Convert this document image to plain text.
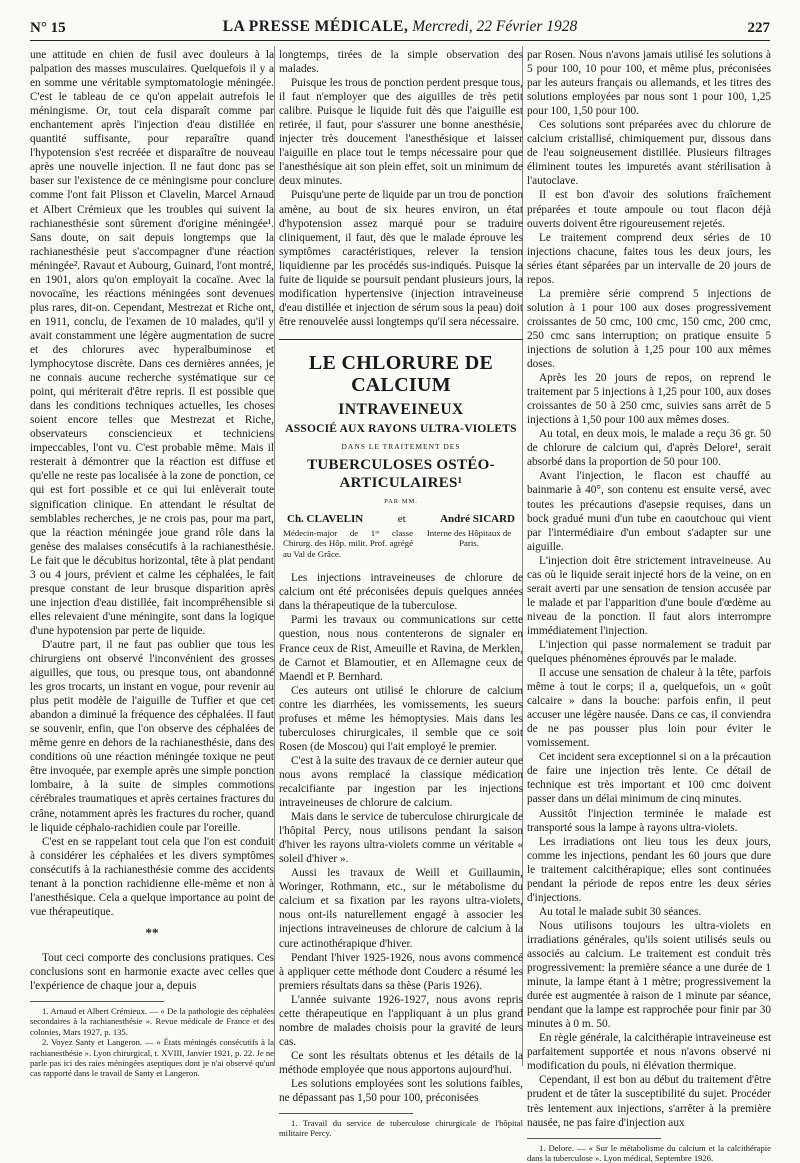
N° 15	LA PRESSE MÉDICALE, Mercredi, 22 Février 1928	227

une attitude en chien de fusil avec douleurs à la palpation des masses musculaires. Quelquefois il y a en somme une véritable symptomatologie méningée. C'est le tableau de ce qu'on appelait autrefois le méningisme. Or, tout cela disparaît comme par enchantement après l'injection d'eau distillée en quantité suffisante, pour reparaître quand l'hypotension s'est recréée et disparaître de nouveau après une nouvelle injection. Il ne faut donc pas se baser sur l'existence de ce méningisme pour conclure comme l'ont fait Plisson et Clavelin, Marcel Arnaud et Albert Crémieux que les troubles qui suivent la rachianesthésie sont sûrement d'origine méningée¹. Sans doute, on sait depuis longtemps que la rachianesthésie peut s'accompagner d'une réaction méningée². Ravaut et Aubourg, Guinard, l'ont montré, en 1901, alors qu'on employait la cocaïne. Avec la novocaïne, les réactions méningées sont devenues plus rares, dit-on. Cependant, Mestrezat et Riche ont, en 1911, conclu, de l'examen de 10 malades, qu'il y avait constamment une légère augmentation de sucre et des chlorures avec hyperalbuminose et lymphocytose discrète. Dans ces dernières années, je ne connais aucune recherche systématique sur ce point, qui mériterait d'être repris. Il est possible que dans les conditions techniques actuelles, les choses soient encore telles que Mestrezat et Riche, observateurs consciencieux et techniciens impeccables, l'ont vu. C'est probable même. Mais il resterait à démontrer que la réaction est diffuse et qu'elle ne reste pas localisée à la zone de ponction, ce qui est fort possible et ce qui lui enlèverait toute signification clinique. En attendant le résultat de semblables recherches, je ne crois pas, pour ma part, que la réaction méningée joue grand rôle dans la genèse des malaises consécutifs à la rachianesthésie. Le fait que le décubitus horizontal, tête à plat pendant 3 ou 4 jours, prévient et calme les céphalées, le fait presque constant de leur brusque disparition après une injection d'eau distillée, fait incompréhensible si elles relevaient d'une méningite, sont dans la logique d'une hypotension par perte de liquide.

D'autre part, il ne faut pas oublier que tous les chirurgiens ont observé l'inconvénient des grosses aiguilles, que tous, ou presque tous, ont abandonné les gros trocarts, un instant en vogue, pour revenir au plus petit modèle de l'aiguille de Tuffier et que cet abandon a diminué la fréquence des céphalées. Il faut se souvenir, enfin, que l'on observe des céphalées de même genre en dehors de la rachianesthésie, dans des conditions où une réaction méningée toxique ne peut être invoquée, par exemple après une simple ponction lombaire, à la suite de simples commotions cérébrales traumatiques et après certaines fractures du crâne, notamment après les fractures du rocher, quand le liquide céphalo-rachidien coule par l'oreille.

C'est en se rappelant tout cela que l'on est conduit à considérer les céphalées et les divers symptômes consécutifs à la rachianesthésie comme des accidents tenant à la ponction rachidienne elle-même et non à l'anesthésique. Cela a quelque importance au point de vue thérapeutique.

**

Tout ceci comporte des conclusions pratiques. Ces conclusions sont en harmonie exacte avec celles que l'expérience de chaque jour a, depuis

1. Arnaud et Albert Crémieux. — « De la pathologie des céphalées secondaires à la rachianesthésie ». Revue médicale de France et des colonies, Mars 1927, p. 135.

2. Voyez Santy et Langeron. — « États méningés consécutifs à la rachianesthésie ». Lyon chirurgical, t. XVIII, Janvier 1921, p. 22. Je ne parle pas ici des raies méningées aseptiques dont je n'ai observé qu'un cas rapporté dans le travail de Santy et Langeron.

longtemps, tirées de la simple observation des malades.

Puisque les trous de ponction perdent presque tous, il faut n'employer que des aiguilles de très petit calibre. Puisque le liquide fuit dès que l'aiguille est retirée, il faut, pour s'assurer une bonne anesthésie, injecter très doucement l'anesthésique et laisser l'aiguille en place tout le temps nécessaire pour que l'anesthésique ait son plein effet, soit un minimum de deux minutes.

Puisqu'une perte de liquide par un trou de ponction amène, au bout de six heures environ, un état d'hypotension assez marqué pour se traduire cliniquement, il faut, dès que le malade éprouve les symptômes caractéristiques, relever la tension liquidienne par les procédés sus-indiqués. Puisque la fuite de liquide se poursuit pendant plusieurs jours, la modification hypertensive (injection intraveineuse d'eau distillée et injection de sérum sous la peau) doit être renouvelée aussi longtemps qu'il sera nécessaire.

LE CHLORURE DE CALCIUM
INTRAVEINEUX
ASSOCIÉ AUX RAYONS ULTRA-VIOLETS
DANS LE TRAITEMENT DES
TUBERCULOSES OSTÉO-ARTICULAIRES¹
PAR MM.
Ch. CLAVELIN	et	André SICARD
Médecin-major de 1ʳᵉ classe Chirurg. des Hôp. milit. Prof. agrégé au Val de Grâce.
Interne des Hôpitaux de Paris.

Les injections intraveineuses de chlorure de calcium ont été préconisées depuis quelques années dans la thérapeutique de la tuberculose.

Parmi les travaux ou communications sur cette question, nous nous contenterons de signaler en France ceux de Rist, Ameuille et Ravina, de Merklen, de Carnot et Blamoutier, et en Allemagne ceux de Maendl et P. Bernhard.

Ces auteurs ont utilisé le chlorure de calcium contre les diarrhées, les vomissements, les sueurs profuses et même les hémoptysies. Mais dans les tuberculoses chirurgicales, il semble que ce soit Rosen (de Moscou) qui l'ait employé le premier.

C'est à la suite des travaux de ce dernier auteur que nous avons remplacé la classique médication recalcifiante par ingestion par les injections intraveineuses de chlorure de calcium.

Mais dans le service de tuberculose chirurgicale de l'hôpital Percy, nous utilisons pendant la saison d'hiver les rayons ultra-violets comme un véritable « soleil d'hiver ».

Aussi les travaux de Weill et Guillaumin, Woringer, Rothmann, etc., sur le métabolisme du calcium et sa fixation par les rayons ultra-violets, nous ont-ils naturellement engagé à associer les injections intraveineuses de chlorure de calcium à la cure actinothérapique d'hiver.

Pendant l'hiver 1925-1926, nous avons commencé à appliquer cette méthode dont Couderc a résumé les premiers résultats dans sa thèse (Paris 1926).

L'année suivante 1926-1927, nous avons repris cette thérapeutique en l'appliquant à un plus grand nombre de malades choisis pour la gravité de leurs cas.

Ce sont les résultats obtenus et les détails de la méthode employée que nous apportons aujourd'hui.

Les solutions employées sont les solutions faibles, ne dépassant pas 1,50 pour 100, préconisées

1. Travail du service de tuberculose chirurgicale de l'hôpital militaire Percy.

par Rosen. Nous n'avons jamais utilisé les solutions à 5 pour 100, 10 pour 100, et même plus, préconisées par les auteurs français ou allemands, et les titres des solutions employées par nous sont 1 pour 100, 1,25 pour 100, 1,50 pour 100.

Ces solutions sont préparées avec du chlorure de calcium cristallisé, chimiquement pur, dissous dans de l'eau soigneusement distillée. Plusieurs filtrages éliminent toutes les impuretés avant stérilisation à l'autoclave.

Il est bon d'avoir des solutions fraîchement préparées et toute ampoule ou tout flacon déjà ouverts doivent être rigoureusement rejetés.

Le traitement comprend deux séries de 10 injections chacune, faites tous les deux jours, les séries étant séparées par un intervalle de 20 jours de repos.

La première série comprend 5 injections de solution à 1 pour 100 aux doses progressivement croissantes de 50 cmc, 100 cmc, 150 cmc, 200 cmc, 250 cmc sans interruption; on pratique ensuite 5 injections de solution à 1,25 pour 100 aux mêmes doses.

Après les 20 jours de repos, on reprend le traitement par 5 injections à 1,25 pour 100, aux doses croissantes de 50 à 250 cmc, suivies sans arrêt de 5 injections à 1,50 pour 100 aux mêmes doses.

Au total, en deux mois, le malade a reçu 36 gr. 50 de chlorure de calcium qui, d'après Delore¹, serait absorbé dans la proportion de 50 pour 100.

Avant l'injection, le flacon est chauffé au bainmarie à 40°, son contenu est ensuite versé, avec toutes les précautions d'asepsie requises, dans un bock gradué muni d'un tube en caoutchouc qui vient par l'intermédiaire d'un embout s'adapter sur une aiguille.

L'injection doit être strictement intraveineuse. Au cas où le liquide serait injecté hors de la veine, on en serait averti par une sensation de tension accusée par le malade et par l'apparition d'une boule d'œdème au niveau de la ponction. Il faut alors interrompre immédiatement l'injection.

L'injection qui passe normalement se traduit par quelques phénomènes éprouvés par le malade.

Il accuse une sensation de chaleur à la tête, parfois même à tout le corps; il a, quelquefois, un « goût calcaire » dans la bouche: parfois enfin, il peut accuser une légère nausée. Dans ce cas, il conviendra de ne pas pousser plus loin pour éviter le vomissement.

Cet incident sera exceptionnel si on a la précaution de faire une injection très lente. Ce détail de technique est très important et 100 cmc doivent passer dans un délai minimum de cinq minutes.

Aussitôt l'injection terminée le malade est transporté sous la lampe à rayons ultra-violets.

Les irradiations ont lieu tous les deux jours, comme les injections, pendant les 60 jours que dure le traitement calcithérapique; elles sont continuées pendant la période de repos entre les deux séries d'injections.

Au total le malade subit 30 séances.

Nous utilisons toujours les ultra-violets en irradiations générales, qu'ils soient utilisés seuls ou associés au calcium. Le traitement est conduit très progressivement: la première séance a une durée de 1 minute, la lampe étant à 1 mètre; progressivement la durée est augmentée à raison de 1 minute par séance, pendant que la lampe est rapprochée pour finir par 30 minutes à 0 m. 50.

En règle générale, la calcithérapie intraveineuse est parfaitement supportée et nous n'avons observé ni modification du pouls, ni élévation thermique.

Cependant, il est bon au début du traitement d'être prudent et de tâter la susceptibilité du sujet. Procéder très lentement aux injections, s'arrêter à la première nausée, ne pas faire d'injection aux

1. Delore. — « Sur le métabolisme du calcium et la calcithérapie dans la tuberculose ». Lyon médical, Septembre 1926.
